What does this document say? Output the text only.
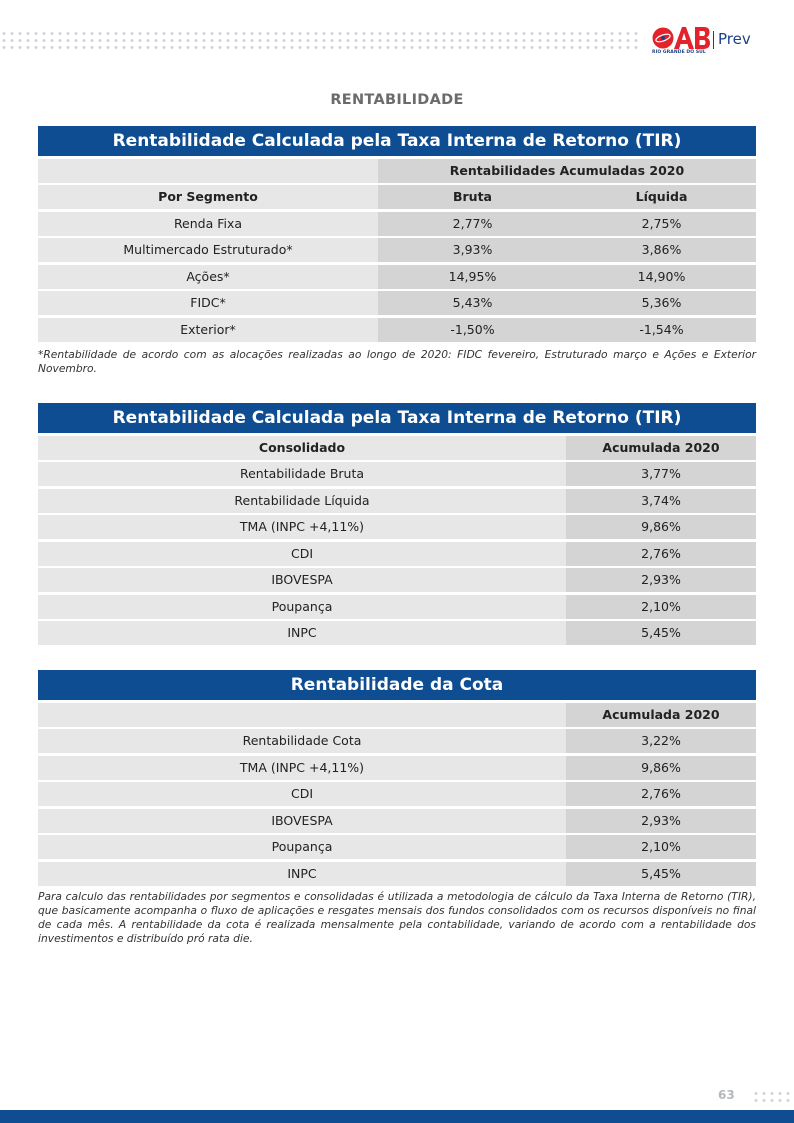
RIO GRANDE DO SUL
Prev
RENTABILIDADE
Rentabilidade Calculada pela Taxa Interna de Retorno (TIR)
Rentabilidades Acumuladas 2020
Por Segmento	Bruta	Líquida
Renda Fixa	2,77%	2,75%
Multimercado Estruturado*	3,93%	3,86%
Ações*	14,95%	14,90%
FIDC*	5,43%	5,36%
Exterior*	-1,50%	-1,54%
*Rentabilidade de acordo com as alocações realizadas ao longo de 2020: FIDC fevereiro, Estruturado março e Ações e Exterior Novembro.
Rentabilidade Calculada pela Taxa Interna de Retorno (TIR)
Consolidado	Acumulada 2020
Rentabilidade Bruta	3,77%
Rentabilidade Líquida	3,74%
TMA (INPC +4,11%)	9,86%
CDI	2,76%
IBOVESPA	2,93%
Poupança	2,10%
INPC	5,45%
Rentabilidade da Cota
Acumulada 2020
Rentabilidade Cota	3,22%
TMA (INPC +4,11%)	9,86%
CDI	2,76%
IBOVESPA	2,93%
Poupança	2,10%
INPC	5,45%
Para calculo das rentabilidades por segmentos e consolidadas é utilizada a metodologia de cálculo da Taxa Interna de Retorno (TIR), que basicamente acompanha o fluxo de aplicações e resgates mensais dos fundos consolidados com os recursos disponíveis no final de cada mês. A rentabilidade da cota é realizada mensalmente pela contabilidade, variando de acordo com a rentabilidade dos investimentos e distribuído pró rata die.
63
